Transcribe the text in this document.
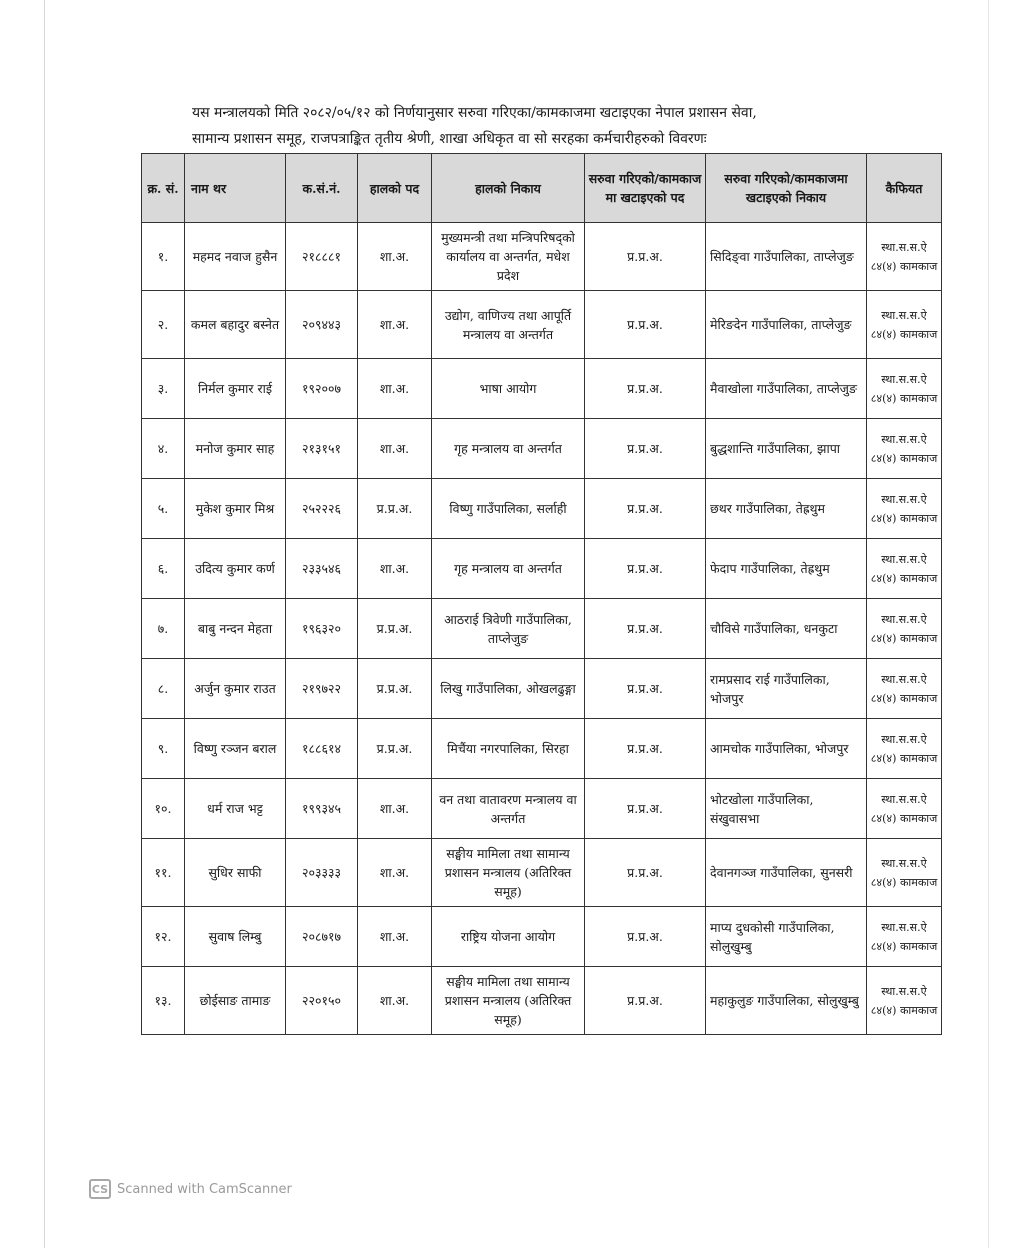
यस मन्त्रालयको मिति २०८२/०५/१२ को निर्णयानुसार सरुवा गरिएका/कामकाजमा खटाइएका नेपाल प्रशासन सेवा,
सामान्य प्रशासन समूह, राजपत्राङ्कित तृतीय श्रेणी, शाखा अधिकृत वा सो सरहका कर्मचारीहरुको विवरणः
क्र. सं.	नाम थर	क.सं.नं.	हालको पद	हालको निकाय	सरुवा गरिएको/कामकाज मा खटाइएको पद	सरुवा गरिएको/कामकाजमा खटाइएको निकाय	कैफियत
१.	महमद नवाज हुसैन	२१८८८१	शा.अ.	मुख्यमन्त्री तथा मन्त्रिपरिषद्को कार्यालय वा अन्तर्गत, मधेश प्रदेश	प्र.प्र.अ.	सिदिङ्वा गाउँपालिका, ताप्लेजुङ	स्था.स.स.ऐ ८४(४) कामकाज
२.	कमल बहादुर बस्नेत	२०९४४३	शा.अ.	उद्योग, वाणिज्य तथा आपूर्ति मन्त्रालय वा अन्तर्गत	प्र.प्र.अ.	मेरिङदेन गाउँपालिका, ताप्लेजुङ	स्था.स.स.ऐ ८४(४) कामकाज
३.	निर्मल कुमार राई	१९२००७	शा.अ.	भाषा आयोग	प्र.प्र.अ.	मैवाखोला गाउँपालिका, ताप्लेजुङ	स्था.स.स.ऐ ८४(४) कामकाज
४.	मनोज कुमार साह	२१३१५१	शा.अ.	गृह मन्त्रालय वा अन्तर्गत	प्र.प्र.अ.	बुद्धशान्ति गाउँपालिका, झापा	स्था.स.स.ऐ ८४(४) कामकाज
५.	मुकेश कुमार मिश्र	२५२२२६	प्र.प्र.अ.	विष्णु गाउँपालिका, सर्लाही	प्र.प्र.अ.	छथर गाउँपालिका, तेह्रथुम	स्था.स.स.ऐ ८४(४) कामकाज
६.	उदित्य कुमार कर्ण	२३३५४६	शा.अ.	गृह मन्त्रालय वा अन्तर्गत	प्र.प्र.अ.	फेदाप गाउँपालिका, तेह्रथुम	स्था.स.स.ऐ ८४(४) कामकाज
७.	बाबु नन्दन मेहता	१९६३२०	प्र.प्र.अ.	आठराई त्रिवेणी गाउँपालिका, ताप्लेजुङ	प्र.प्र.अ.	चौविसे गाउँपालिका, धनकुटा	स्था.स.स.ऐ ८४(४) कामकाज
८.	अर्जुन कुमार राउत	२१९७२२	प्र.प्र.अ.	लिखु गाउँपालिका, ओखलढुङ्गा	प्र.प्र.अ.	रामप्रसाद राई गाउँपालिका, भोजपुर	स्था.स.स.ऐ ८४(४) कामकाज
९.	विष्णु रञ्जन बराल	१८८६१४	प्र.प्र.अ.	मिचैंया नगरपालिका, सिरहा	प्र.प्र.अ.	आमचोक गाउँपालिका, भोजपुर	स्था.स.स.ऐ ८४(४) कामकाज
१०.	धर्म राज भट्ट	१९९३४५	शा.अ.	वन तथा वातावरण मन्त्रालय वा अन्तर्गत	प्र.प्र.अ.	भोटखोला गाउँपालिका, संखुवासभा	स्था.स.स.ऐ ८४(४) कामकाज
११.	सुधिर साफी	२०३३३३	शा.अ.	सङ्घीय मामिला तथा सामान्य प्रशासन मन्त्रालय (अतिरिक्त समूह)	प्र.प्र.अ.	देवानगञ्ज गाउँपालिका, सुनसरी	स्था.स.स.ऐ ८४(४) कामकाज
१२.	सुवाष लिम्बु	२०८७१७	शा.अ.	राष्ट्रिय योजना आयोग	प्र.प्र.अ.	माप्य दुधकोसी गाउँपालिका, सोलुखुम्बु	स्था.स.स.ऐ ८४(४) कामकाज
१३.	छोईसाङ तामाङ	२२०१५०	शा.अ.	सङ्घीय मामिला तथा सामान्य प्रशासन मन्त्रालय (अतिरिक्त समूह)	प्र.प्र.अ.	महाकुलुङ गाउँपालिका, सोलुखुम्बु	स्था.स.स.ऐ ८४(४) कामकाज
CS Scanned with CamScanner
